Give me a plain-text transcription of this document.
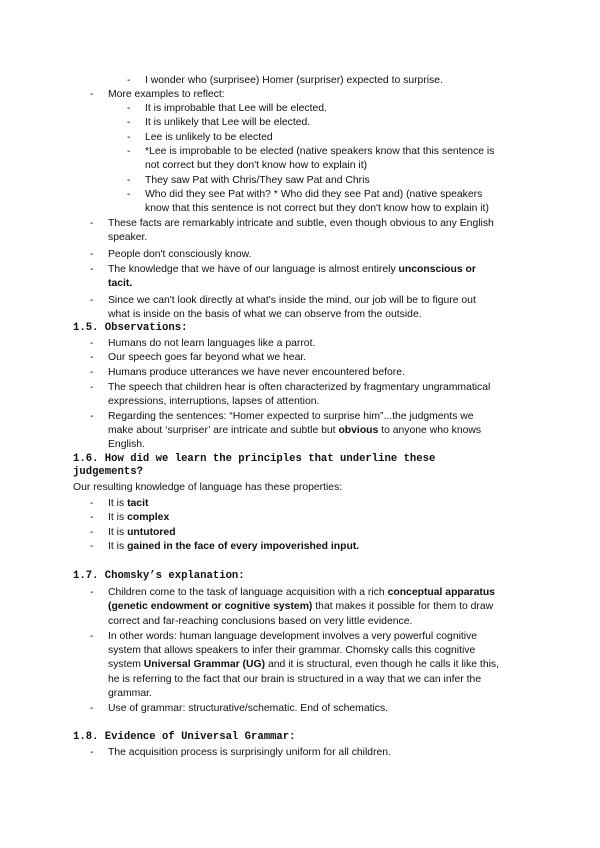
- I wonder who (surprisee) Homer (surpriser) expected to surprise.
- More examples to reflect:
- It is improbable that Lee will be elected.
- It is unlikely that Lee will be elected.
- Lee is unlikely to be elected
- *Lee is improbable to be elected (native speakers know that this sentence is
not correct but they don't know how to explain it)
- They saw Pat with Chris/They saw Pat and Chris
- Who did they see Pat with? * Who did they see Pat and) (native speakers
know that this sentence is not correct but they don't know how to explain it)
- These facts are remarkably intricate and subtle, even though obvious to any English
speaker.
- People don't consciously know.
- The knowledge that we have of our language is almost entirely unconscious or
tacit.
- Since we can't look directly at what's inside the mind, our job will be to figure out
what is inside on the basis of what we can observe from the outside.
1.5. Observations:
- Humans do not learn languages like a parrot.
- Our speech goes far beyond what we hear.
- Humans produce utterances we have never encountered before.
- The speech that children hear is often characterized by fragmentary ungrammatical
expressions, interruptions, lapses of attention.
- Regarding the sentences: “Homer expected to surprise him”...the judgments we
make about ‘surpriser’ are intricate and subtle but obvious to anyone who knows
English.
1.6. How did we learn the principles that underline these
judgements?
Our resulting knowledge of language has these properties:
- It is tacit
- It is complex
- It is untutored
- It is gained in the face of every impoverished input.
1.7. Chomsky’s explanation:
- Children come to the task of language acquisition with a rich conceptual apparatus
(genetic endowment or cognitive system) that makes it possible for them to draw
correct and far-reaching conclusions based on very little evidence.
- In other words: human language development involves a very powerful cognitive
system that allows speakers to infer their grammar. Chomsky calls this cognitive
system Universal Grammar (UG) and it is structural, even though he calls it like this,
he is referring to the fact that our brain is structured in a way that we can infer the
grammar.
- Use of grammar: structurative/schematic. End of schematics.
1.8. Evidence of Universal Grammar:
- The acquisition process is surprisingly uniform for all children.
